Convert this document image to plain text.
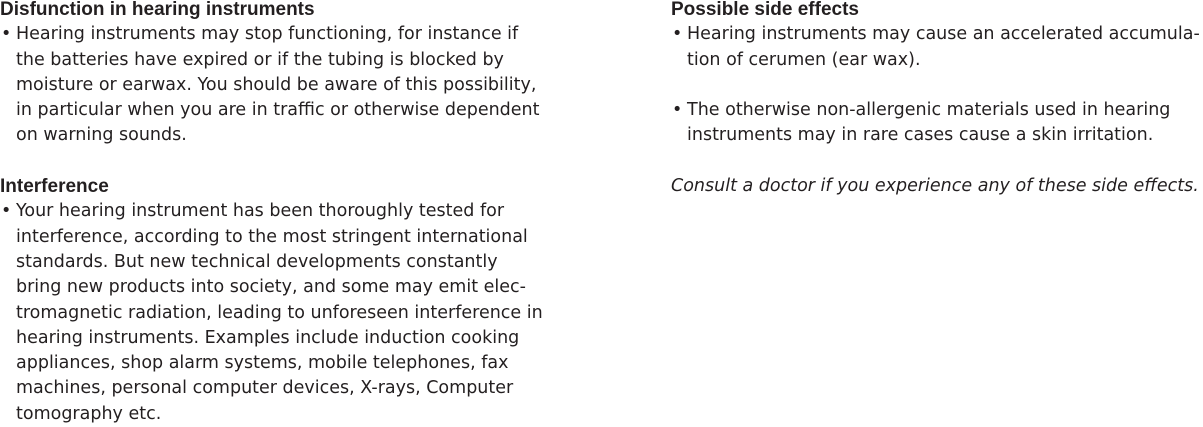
Disfunction in hearing instruments
• Hearing instruments may stop functioning, for instance if
the batteries have expired or if the tubing is blocked by
moisture or earwax. You should be aware of this possibility,
in particular when you are in traffic or otherwise dependent
on warning sounds.
Interference
• Your hearing instrument has been thoroughly tested for
interference, according to the most stringent international
standards. But new technical developments constantly
bring new products into society, and some may emit elec-
tromagnetic radiation, leading to unforeseen interference in
hearing instruments. Examples include induction cooking
appliances, shop alarm systems, mobile telephones, fax
machines, personal computer devices, X-rays, Computer
tomography etc.
Possible side effects
• Hearing instruments may cause an accelerated accumula-
tion of cerumen (ear wax).
• The otherwise non-allergenic materials used in hearing
instruments may in rare cases cause a skin irritation.

Consult a doctor if you experience any of these side effects.
